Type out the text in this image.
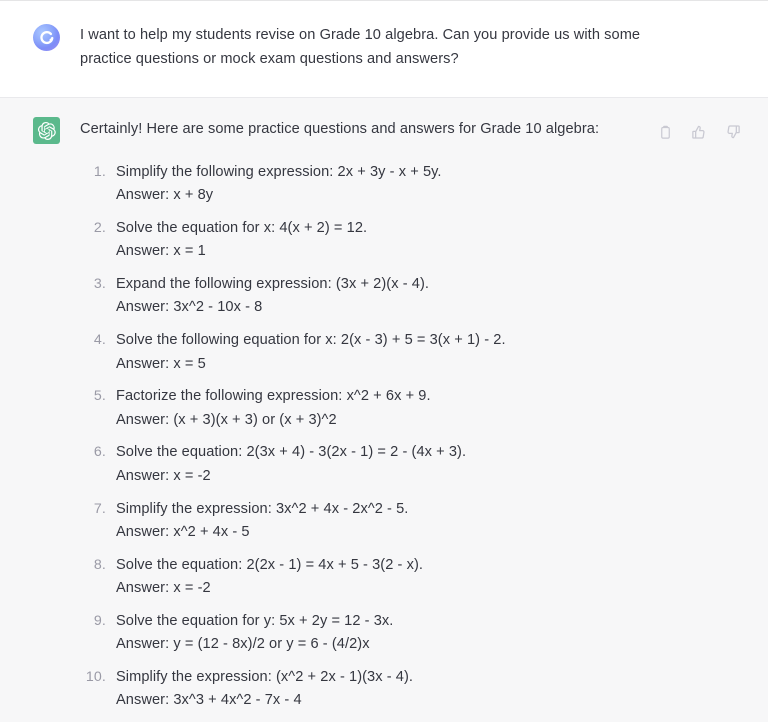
I want to help my students revise on Grade 10 algebra. Can you provide us with some practice questions or mock exam questions and answers?
Certainly! Here are some practice questions and answers for Grade 10 algebra:
1. Simplify the following expression: 2x + 3y - x + 5y.
Answer: x + 8y
2. Solve the equation for x: 4(x + 2) = 12.
Answer: x = 1
3. Expand the following expression: (3x + 2)(x - 4).
Answer: 3x^2 - 10x - 8
4. Solve the following equation for x: 2(x - 3) + 5 = 3(x + 1) - 2.
Answer: x = 5
5. Factorize the following expression: x^2 + 6x + 9.
Answer: (x + 3)(x + 3) or (x + 3)^2
6. Solve the equation: 2(3x + 4) - 3(2x - 1) = 2 - (4x + 3).
Answer: x = -2
7. Simplify the expression: 3x^2 + 4x - 2x^2 - 5.
Answer: x^2 + 4x - 5
8. Solve the equation: 2(2x - 1) = 4x + 5 - 3(2 - x).
Answer: x = -2
9. Solve the equation for y: 5x + 2y = 12 - 3x.
Answer: y = (12 - 8x)/2 or y = 6 - (4/2)x
10. Simplify the expression: (x^2 + 2x - 1)(3x - 4).
Answer: 3x^3 + 4x^2 - 7x - 4
